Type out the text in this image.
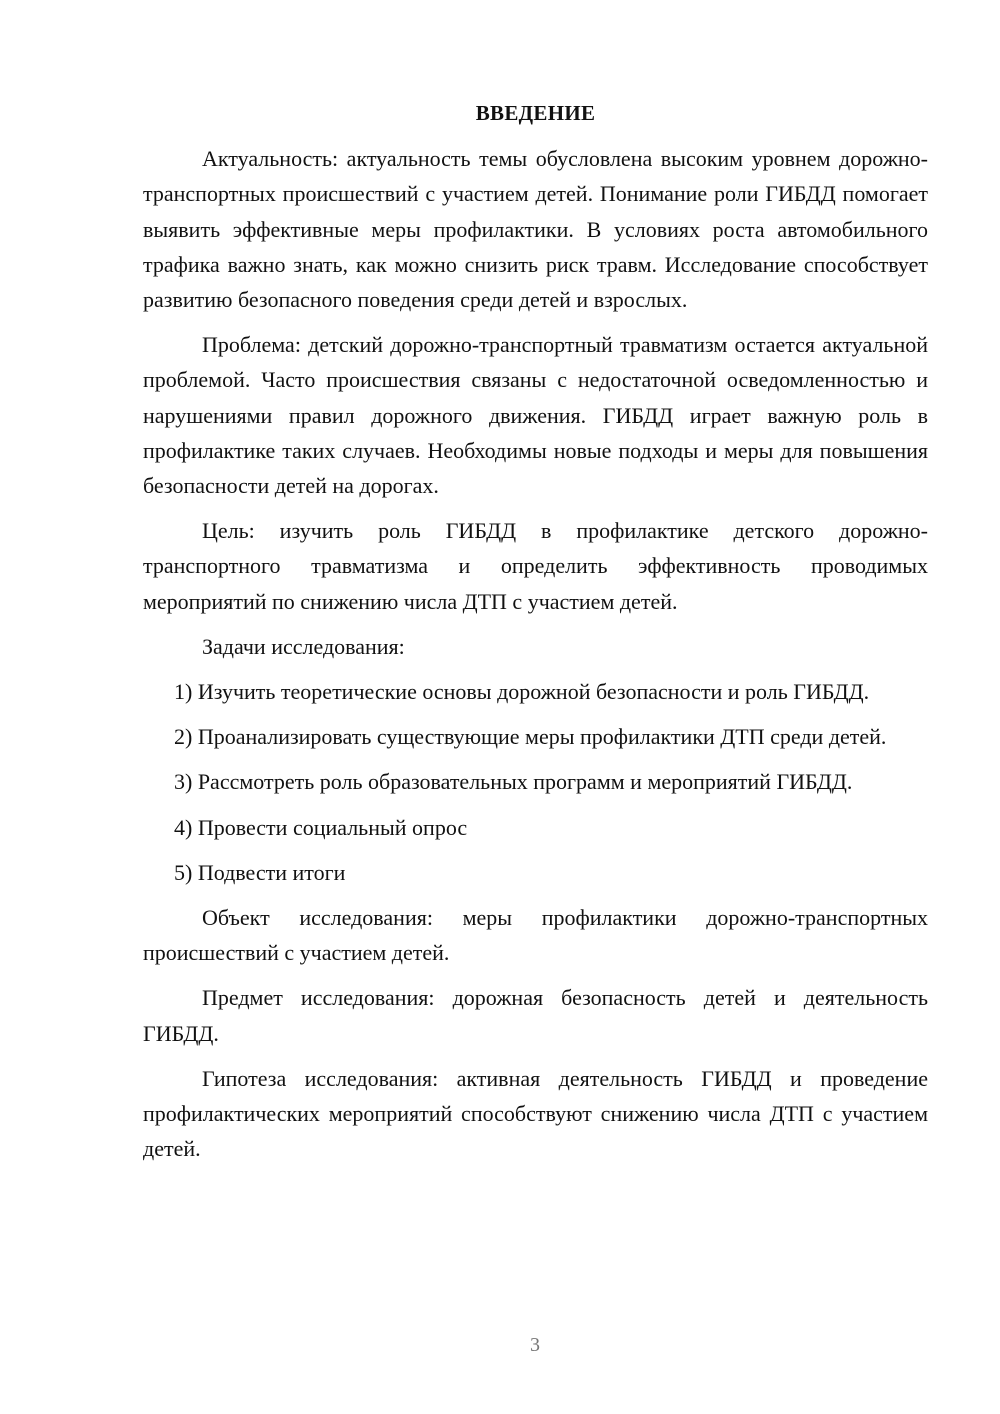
ВВЕДЕНИЕ

Актуальность: актуальность темы обусловлена высоким уровнем дорожно-транспортных происшествий с участием детей. Понимание роли ГИБДД помогает выявить эффективные меры профилактики. В условиях роста автомобильного трафика важно знать, как можно снизить риск травм. Исследование способствует развитию безопасного поведения среди детей и взрослых.

Проблема: детский дорожно-транспортный травматизм остается актуальной проблемой. Часто происшествия связаны с недостаточной осведомленностью и нарушениями правил дорожного движения. ГИБДД играет важную роль в профилактике таких случаев. Необходимы новые подходы и меры для повышения безопасности детей на дорогах.

Цель: изучить роль ГИБДД в профилактике детского дорожно-транспортного травматизма и определить эффективность проводимых мероприятий по снижению числа ДТП с участием детей.

Задачи исследования:

1) Изучить теоретические основы дорожной безопасности и роль ГИБДД.

2) Проанализировать существующие меры профилактики ДТП среди детей.

3) Рассмотреть роль образовательных программ и мероприятий ГИБДД.

4) Провести социальный опрос

5) Подвести итоги

Объект исследования: меры профилактики дорожно-транспортных происшествий с участием детей.

Предмет исследования: дорожная безопасность детей и деятельность ГИБДД.

Гипотеза исследования: активная деятельность ГИБДД и проведение профилактических мероприятий способствуют снижению числа ДТП с участием детей.

3
